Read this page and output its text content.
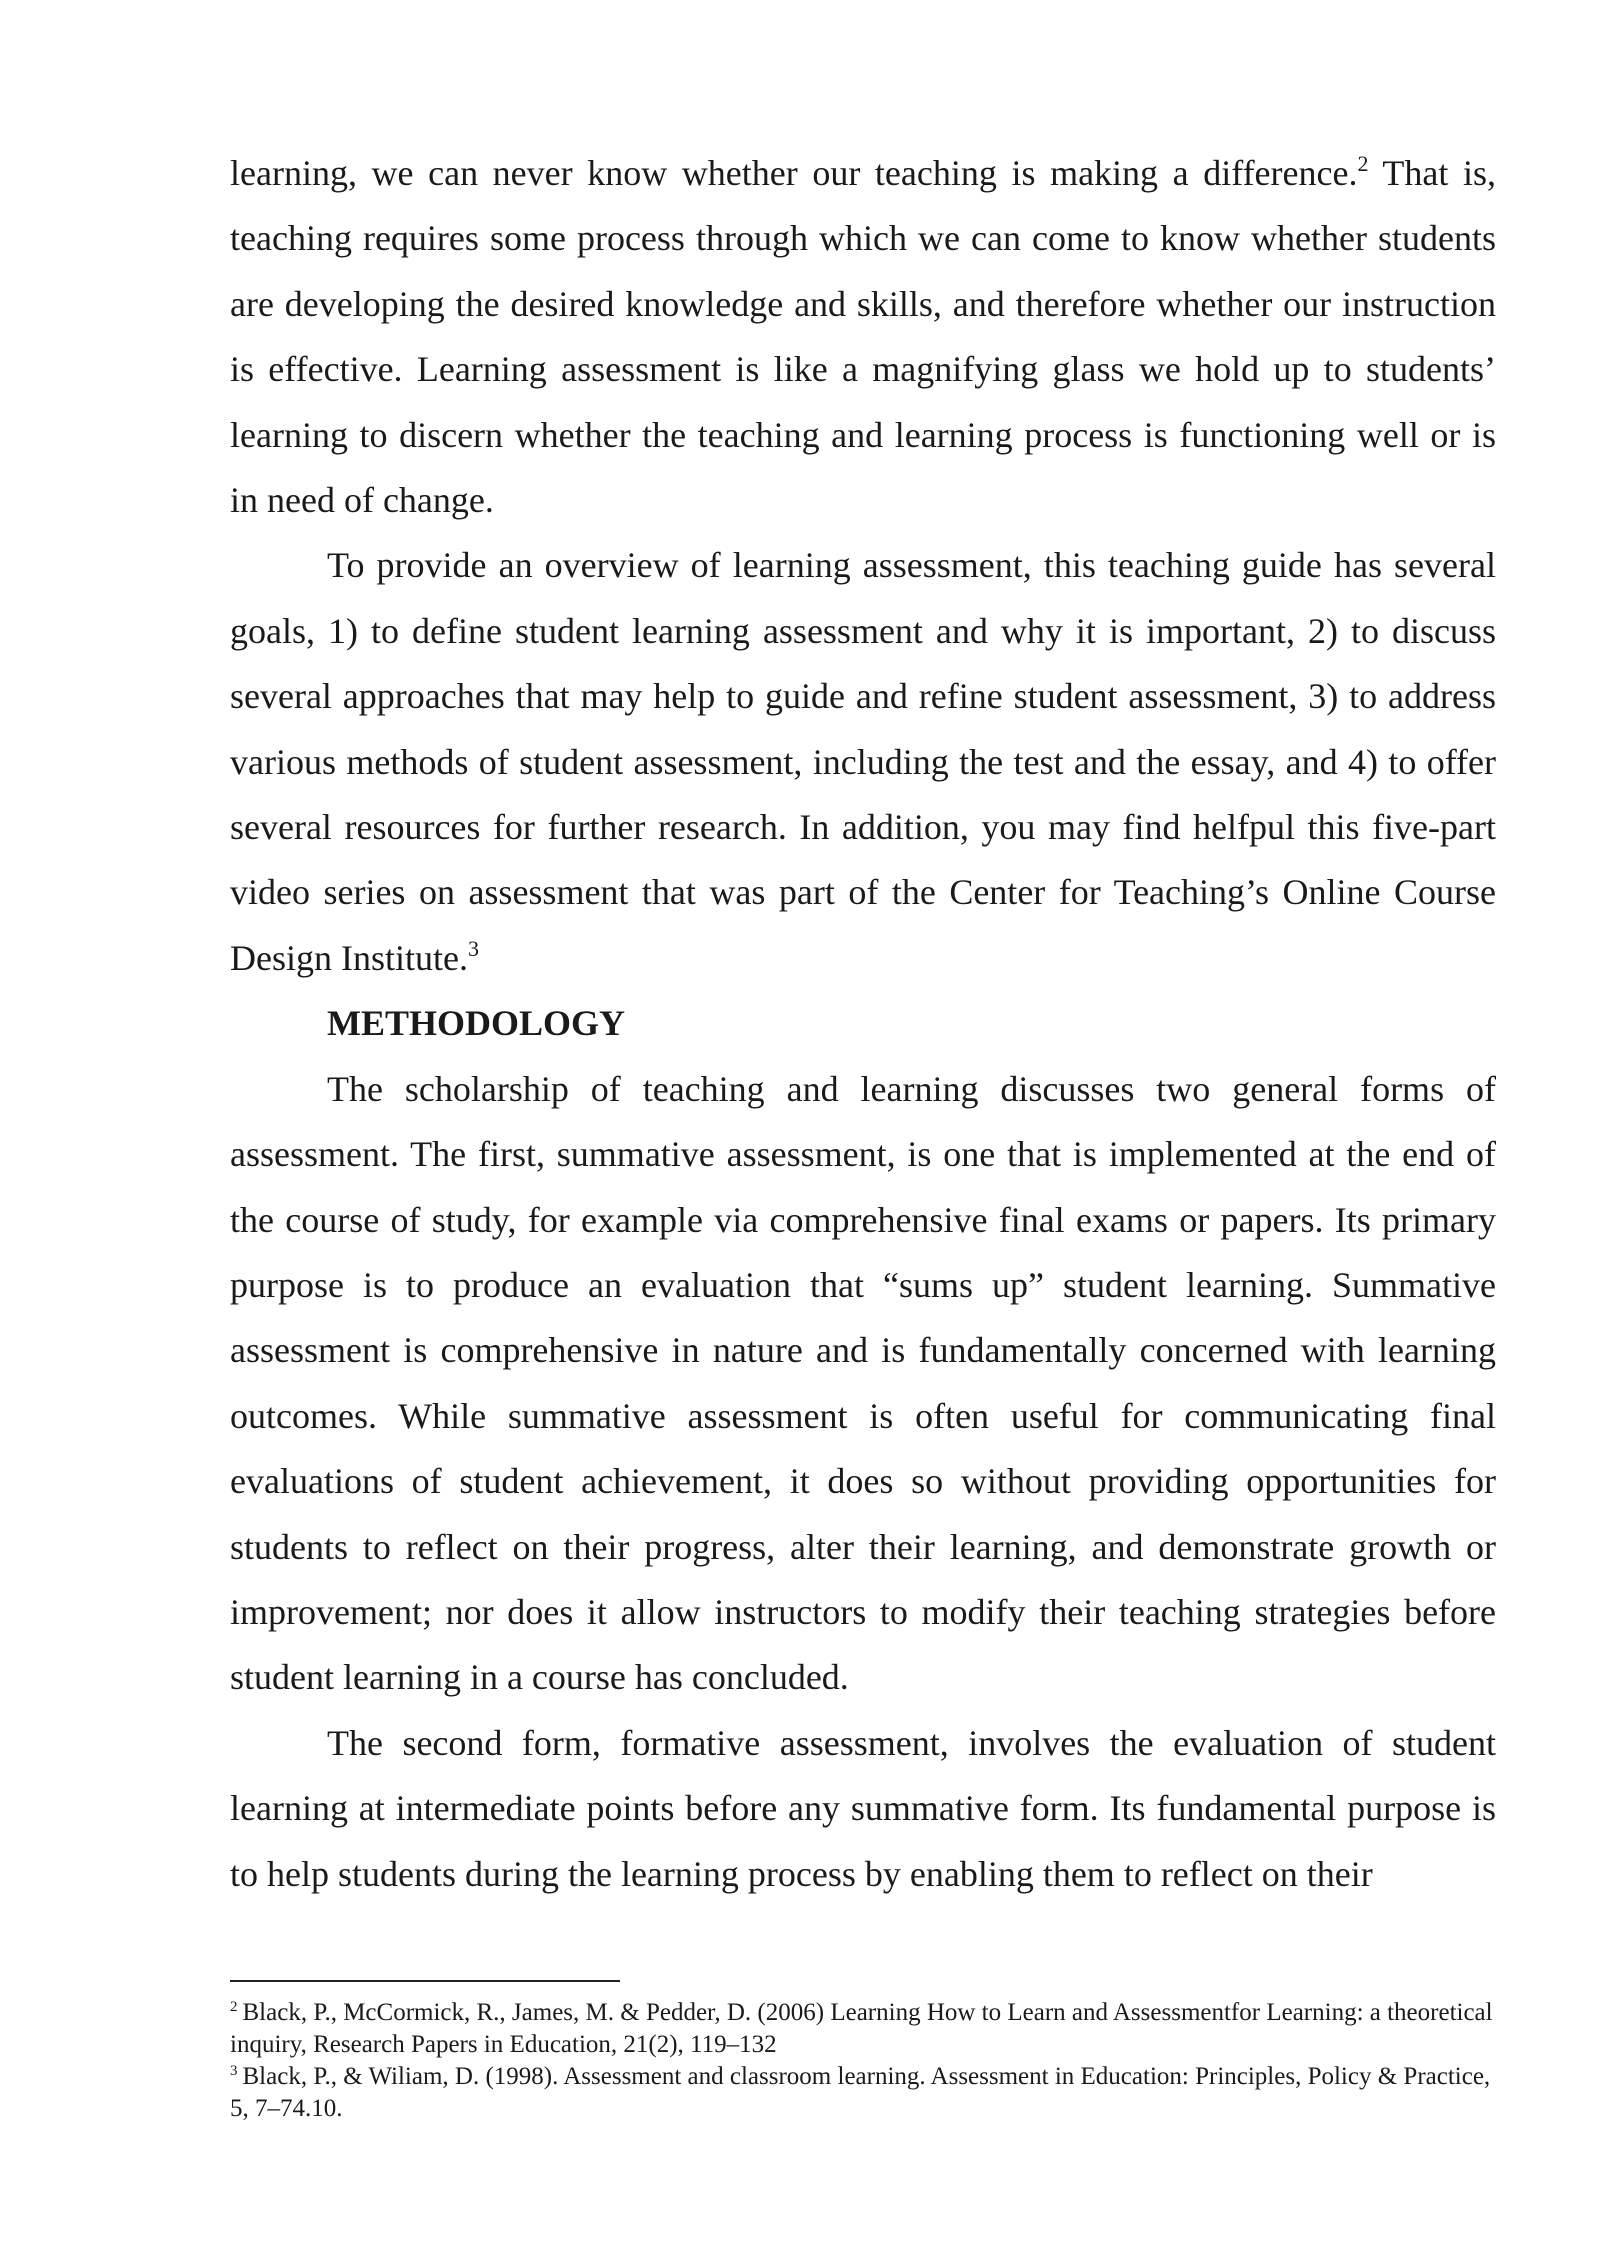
learning, we can never know whether our teaching is making a difference.$^2$ That is, teaching requires some process through which we can come to know whether students are developing the desired knowledge and skills, and therefore whether our instruction is effective. Learning assessment is like a magnifying glass we hold up to students’ learning to discern whether the teaching and learning process is functioning well or is in need of change.

To provide an overview of learning assessment, this teaching guide has several goals, 1) to define student learning assessment and why it is important, 2) to discuss several approaches that may help to guide and refine student assessment, 3) to address various methods of student assessment, including the test and the essay, and 4) to offer several resources for further research. In addition, you may find helfpul this five-part video series on assessment that was part of the Center for Teaching’s Online Course Design Institute.$^3$

METHODOLOGY

The scholarship of teaching and learning discusses two general forms of assessment. The first, summative assessment, is one that is implemented at the end of the course of study, for example via comprehensive final exams or papers. Its primary purpose is to produce an evaluation that “sums up” student learning. Summative assessment is comprehensive in nature and is fundamentally concerned with learning outcomes. While summative assessment is often useful for communicating final evaluations of student achievement, it does so without providing opportunities for students to reflect on their progress, alter their learning, and demonstrate growth or improvement; nor does it allow instructors to modify their teaching strategies before student learning in a course has concluded.

The second form, formative assessment, involves the evaluation of student learning at intermediate points before any summative form. Its fundamental purpose is to help students during the learning process by enabling them to reflect on their

$^2$ Black, P., McCormick, R., James, M. & Pedder, D. (2006) Learning How to Learn and Assessmentfor Learning: a theoretical inquiry, Research Papers in Education, 21(2), 119–132

$^3$ Black, P., & Wiliam, D. (1998). Assessment and classroom learning. Assessment in Education: Principles, Policy & Practice, 5, 7–74.10.
